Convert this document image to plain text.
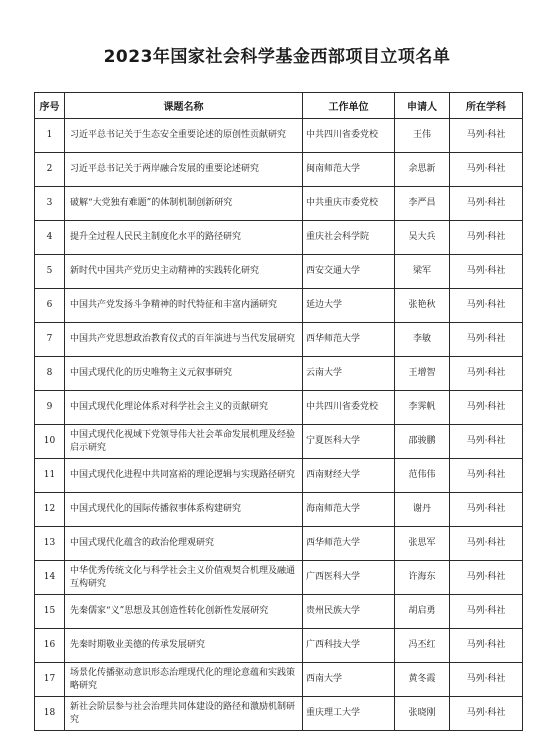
2023年国家社会科学基金西部项目立项名单
序号	课题名称	工作单位	申请人	所在学科
1	习近平总书记关于生态安全重要论述的原创性贡献研究	中共四川省委党校	王伟	马列·科社
2	习近平总书记关于两岸融合发展的重要论述研究	闽南师范大学	余思新	马列·科社
3	破解“大党独有难题”的体制机制创新研究	中共重庆市委党校	李严昌	马列·科社
4	提升全过程人民民主制度化水平的路径研究	重庆社会科学院	吴大兵	马列·科社
5	新时代中国共产党历史主动精神的实践转化研究	西安交通大学	梁军	马列·科社
6	中国共产党发扬斗争精神的时代特征和丰富内涵研究	延边大学	张艳秋	马列·科社
7	中国共产党思想政治教育仪式的百年演进与当代发展研究	西华师范大学	李敏	马列·科社
8	中国式现代化的历史唯物主义元叙事研究	云南大学	王增智	马列·科社
9	中国式现代化理论体系对科学社会主义的贡献研究	中共四川省委党校	李霁帆	马列·科社
10	中国式现代化视域下党领导伟大社会革命发展机理及经验启示研究	宁夏医科大学	邵骏鹏	马列·科社
11	中国式现代化进程中共同富裕的理论逻辑与实现路径研究	西南财经大学	范伟伟	马列·科社
12	中国式现代化的国际传播叙事体系构建研究	海南师范大学	谢丹	马列·科社
13	中国式现代化蕴含的政治伦理观研究	西华师范大学	张思军	马列·科社
14	中华优秀传统文化与科学社会主义价值观契合机理及融通互构研究	广西医科大学	许海东	马列·科社
15	先秦儒家“义”思想及其创造性转化创新性发展研究	贵州民族大学	胡启勇	马列·科社
16	先秦时期敬业美德的传承发展研究	广西科技大学	冯丕红	马列·科社
17	场景化传播驱动意识形态治理现代化的理论意蕴和实践策略研究	西南大学	黄冬霞	马列·科社
18	新社会阶层参与社会治理共同体建设的路径和激励机制研究	重庆理工大学	张晓刚	马列·科社
